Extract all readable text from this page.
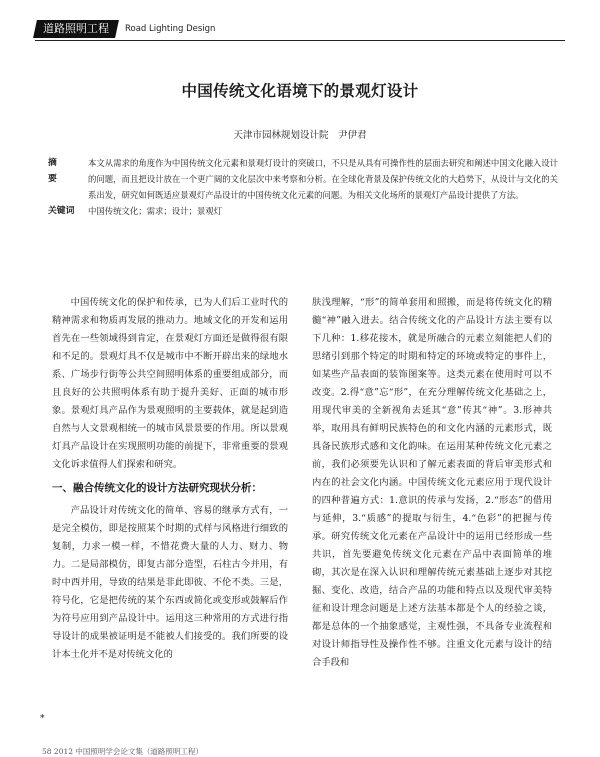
道路照明工程	Road Lighting Design
中国传统文化语境下的景观灯设计
天津市园林规划设计院　尹伊君
摘　要
本文从需求的角度作为中国传统文化元素和景观灯设计的突破口，不只是从具有可操作性的层面去研究和阐述中国文化融入设计的问题，而且把设计放在一个更广阔的文化层次中来考察和分析。在全球化背景及保护传统文化的大趋势下，从设计与文化的关系出发，研究如何既适应景观灯产品设计的中国传统文化元素的问题。为相关文化场所的景观灯产品设计提供了方法。
关键词	中国传统文化；需求；设计；景观灯

中国传统文化的保护和传承，已为人们后工业时代的精神需求和物质再发展的推动力。地域文化的开发和运用首先在一些领域得到肯定，在景观灯方面还是做得很有限和不足的。景观灯具不仅是城市中不断开辟出来的绿地水系、广场步行街等公共空间照明体系的重要组成部分，而且良好的公共照明体系有助于提升美好、正面的城市形象。景观灯具产品作为景观照明的主要载体，就是起到造自然与人文景观相统一的城市风景景要的作用。所以景观灯具产品设计在实现照明功能的前提下，非常重要的景观文化诉求值得人们探索和研究。

一、融合传统文化的设计方法研究现状分析：

产品设计对传统文化的简单、容易的继承方式有，一是完全模仿，即是按照某个时期的式样与风格进行细致的复制，力求一模一样，不惜花费大量的人力、财力、物力。二是局部模仿，即复古部分造型，石柱古今并用，有时中西并用，导致的结果是非此即彼、不伦不类。三是，符号化，它是把传统的某个东西或简化或变形或鼓解后作为符号应用到产品设计中。运用这三种常用的方式进行指导设计的成果被证明是不能被人们接受的。我们所要的设计本土化并不是对传统文化的

肤浅理解，“形”的简单套用和照搬，而是将传统文化的精髓“神”融入进去。结合传统文化的产品设计方法主要有以下几种：1.移花接木，就是所融合的元素立刻能把人们的思绪引到那个特定的时期和特定的环境或特定的事件上，如某些产品表面的装饰图案等。这类元素在使用时可以不改变。2.得“意”忘“形”，在充分理解传统文化基础之上，用现代审美的全新视角去延其“意”传其“神”。3.形神共举，取用具有鲜明民族特色的和文化内涵的元素形式，既具备民族形式感和文化韵味。在运用某种传统文化元素之前，我们必须要先认识和了解元素表面的背后审美形式和内在的社会文化内涵。中国传统文化元素应用于现代设计的四种普遍方式：1.意识的传承与发扬，2.“形态”的借用与延伸，3.“质感”的提取与衍生，4.“色彩”的把握与传承。研究传统文化元素在产品设计中的运用已经形成一些共识，首先要避免传统文化元素在产品中表面简单的堆砌，其次是在深入认识和理解传统元素基础上逐步对其挖掘、变化、改造，结合产品的功能和特点以及现代审美特征和设计理念问题是上述方法基本都是个人的经验之谈，都是总体的一个抽象感觉，主观性强，不具备专业流程和对设计师指导性及操作性不够。注重文化元素与设计的结合手段和

*
58 2012 中国照明学会论文集（道路照明工程）
